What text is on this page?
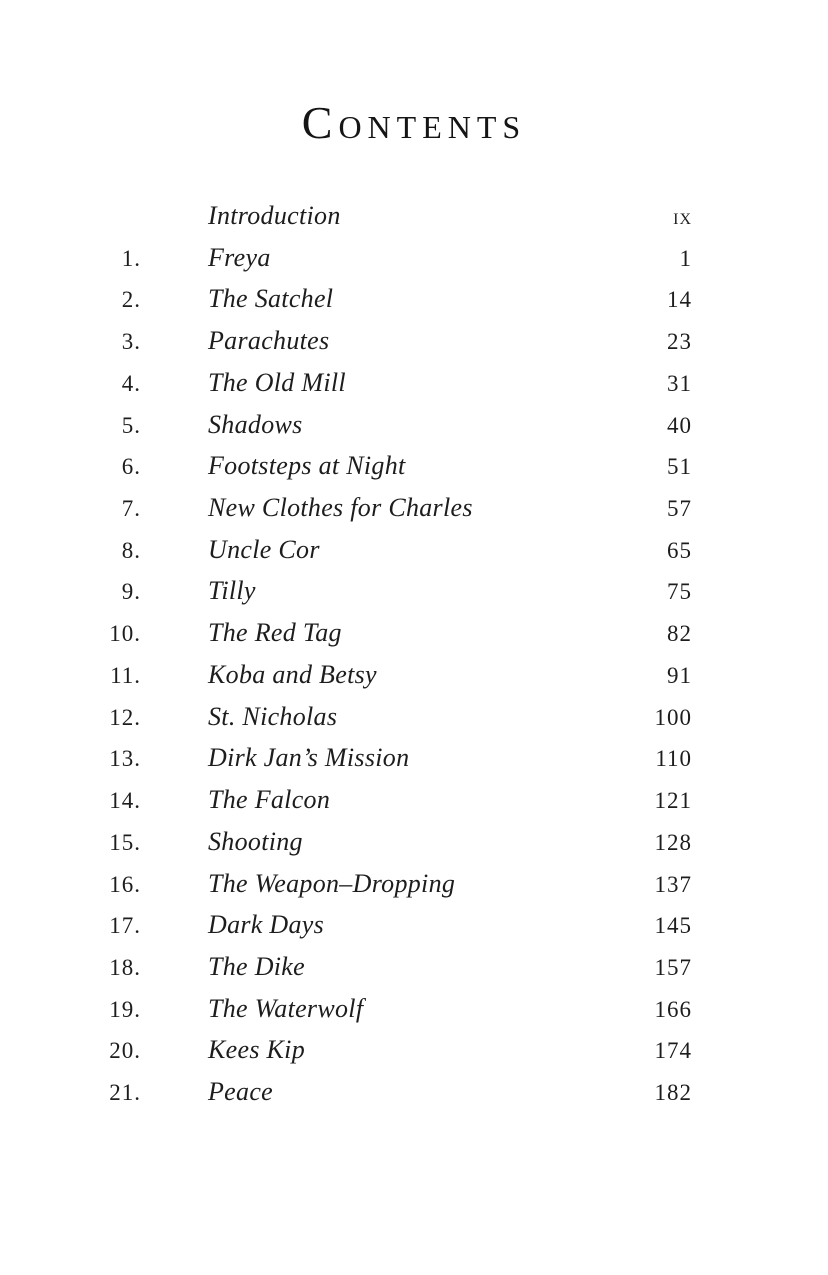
Contents
Introduction	ix
1.	Freya	1
2.	The Satchel	14
3.	Parachutes	23
4.	The Old Mill	31
5.	Shadows	40
6.	Footsteps at Night	51
7.	New Clothes for Charles	57
8.	Uncle Cor	65
9.	Tilly	75
10.	The Red Tag	82
11.	Koba and Betsy	91
12.	St. Nicholas	100
13.	Dirk Jan’s Mission	110
14.	The Falcon	121
15.	Shooting	128
16.	The Weapon–Dropping	137
17.	Dark Days	145
18.	The Dike	157
19.	The Waterwolf	166
20.	Kees Kip	174
21.	Peace	182
